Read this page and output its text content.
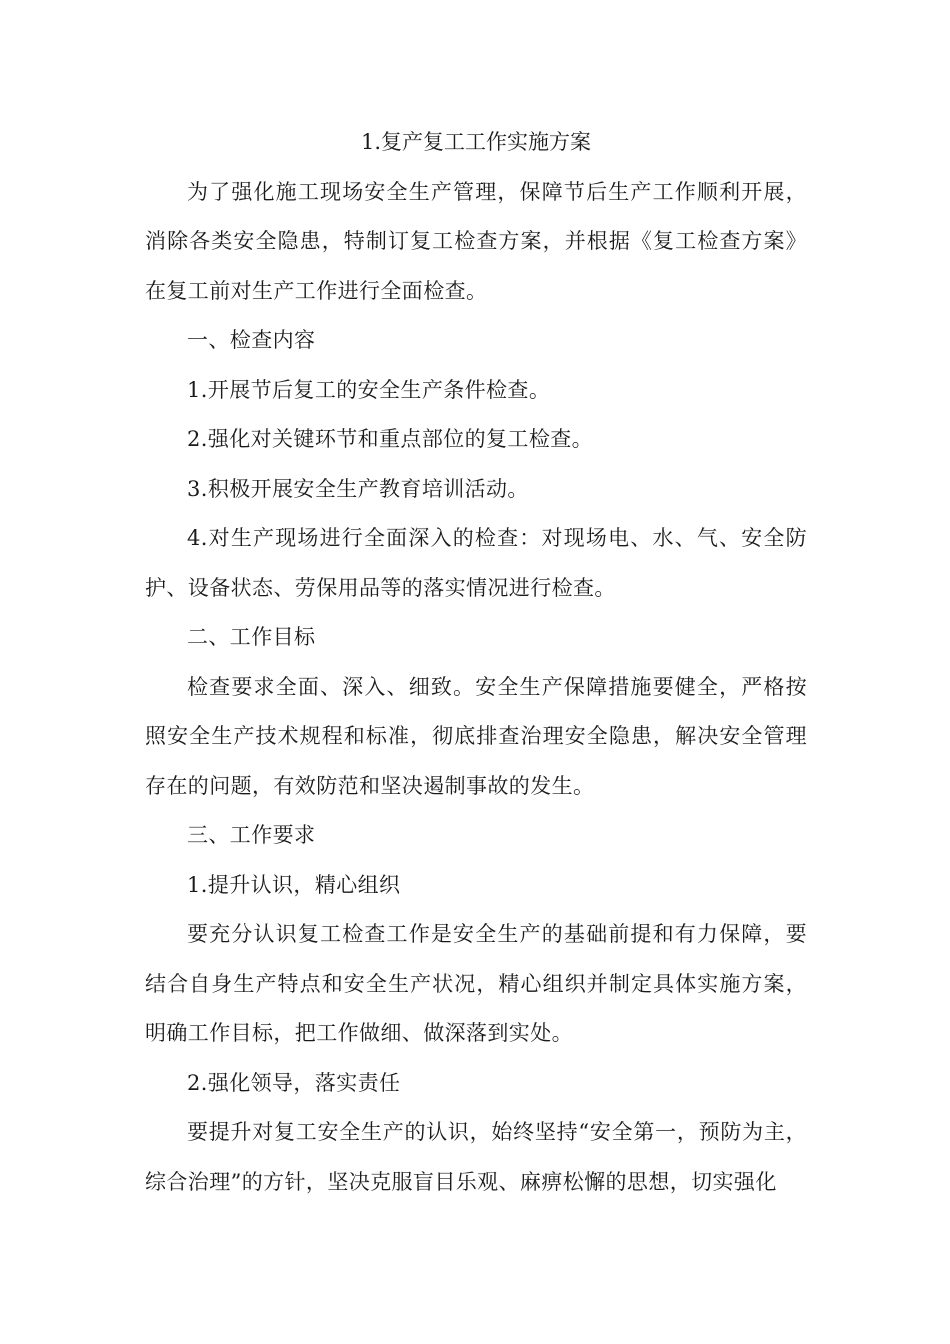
1.复产复工工作实施方案

为了强化施工现场安全生产管理，保障节后生产工作顺利开展，消除各类安全隐患，特制订复工检查方案，并根据《复工检查方案》在复工前对生产工作进行全面检查。

一、检查内容

1.开展节后复工的安全生产条件检查。

2.强化对关键环节和重点部位的复工检查。

3.积极开展安全生产教育培训活动。

4.对生产现场进行全面深入的检查：对现场电、水、气、安全防护、设备状态、劳保用品等的落实情况进行检查。

二、工作目标

检查要求全面、深入、细致。安全生产保障措施要健全，严格按照安全生产技术规程和标准，彻底排查治理安全隐患，解决安全管理存在的问题，有效防范和坚决遏制事故的发生。

三、工作要求

1.提升认识，精心组织

要充分认识复工检查工作是安全生产的基础前提和有力保障，要结合自身生产特点和安全生产状况，精心组织并制定具体实施方案，明确工作目标，把工作做细、做深落到实处。

2.强化领导，落实责任

要提升对复工安全生产的认识，始终坚持“安全第一，预防为主，综合治理”的方针，坚决克服盲目乐观、麻痹松懈的思想，切实强化
